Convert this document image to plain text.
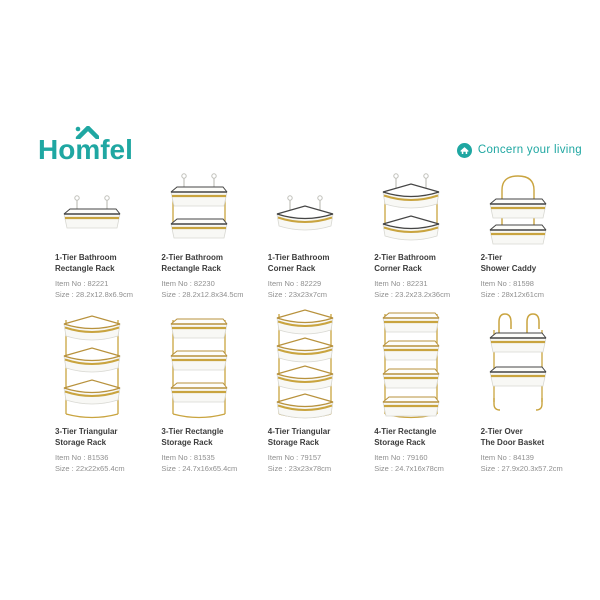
Ho m fel	Concern your living
1-Tier Bathroom
Rectangle Rack
Item No : 82221
Size : 28.2x12.8x6.9cm
2-Tier Bathroom
Rectangle Rack
Item No : 82230
Size : 28.2x12.8x34.5cm
1-Tier Bathroom
Corner Rack
Item No : 82229
Size : 23x23x7cm
2-Tier Bathroom
Corner Rack
Item No : 82231
Size : 23.2x23.2x36cm
2-Tier
Shower Caddy
Item No : 81598
Size : 28x12x61cm
3-Tier Triangular
Storage Rack
Item No : 81536
Size : 22x22x65.4cm
3-Tier Rectangle
Storage Rack
Item No : 81535
Size : 24.7x16x65.4cm
4-Tier Triangular
Storage Rack
Item No : 79157
Size : 23x23x78cm
4-Tier Rectangle
Storage Rack
Item No : 79160
Size : 24.7x16x78cm
2-Tier Over
The Door Basket
Item No : 84139
Size : 27.9x20.3x57.2cm
